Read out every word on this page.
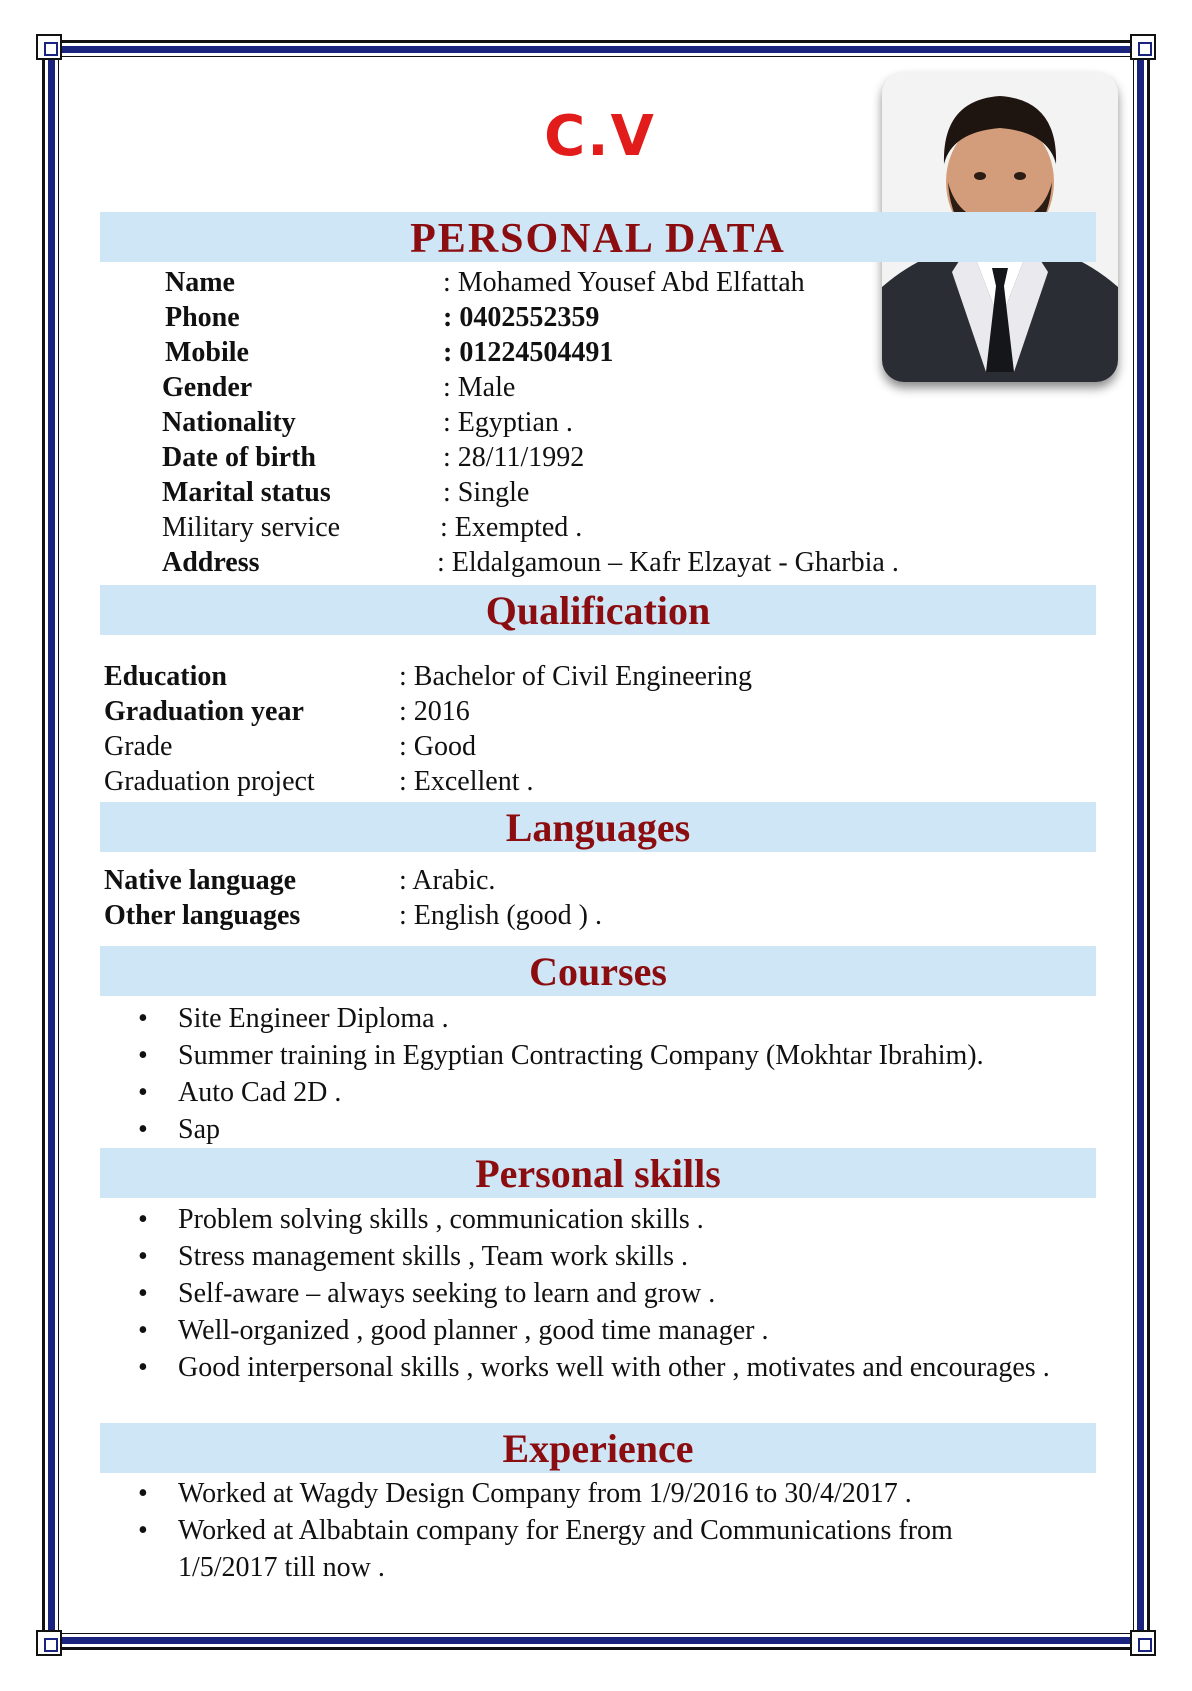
C.V
PERSONAL DATA
Name	: Mohamed Yousef Abd Elfattah
Phone	: 0402552359
Mobile	: 01224504491
Gender	: Male
Nationality	: Egyptian .
Date of birth	: 28/11/1992
Marital status	: Single
Military service	: Exempted .
Address	: Eldalgamoun – Kafr Elzayat - Gharbia .
Qualification
Education	: Bachelor of Civil Engineering
Graduation year	: 2016
Grade	: Good
Graduation project	: Excellent .
Languages
Native language	: Arabic.
Other languages	: English (good ) .
Courses
• Site Engineer Diploma .
• Summer training in Egyptian Contracting Company (Mokhtar Ibrahim).
• Auto Cad 2D .
• Sap
Personal skills
• Problem solving skills , communication skills .
• Stress management skills , Team work skills .
• Self-aware – always seeking to learn and grow .
• Well-organized , good planner , good time manager .
• Good interpersonal skills , works well with other , motivates and encourages .
Experience
• Worked at Wagdy Design Company from 1/9/2016 to 30/4/2017 .
• Worked at Albabtain company for Energy and Communications from 1/5/2017 till now .
